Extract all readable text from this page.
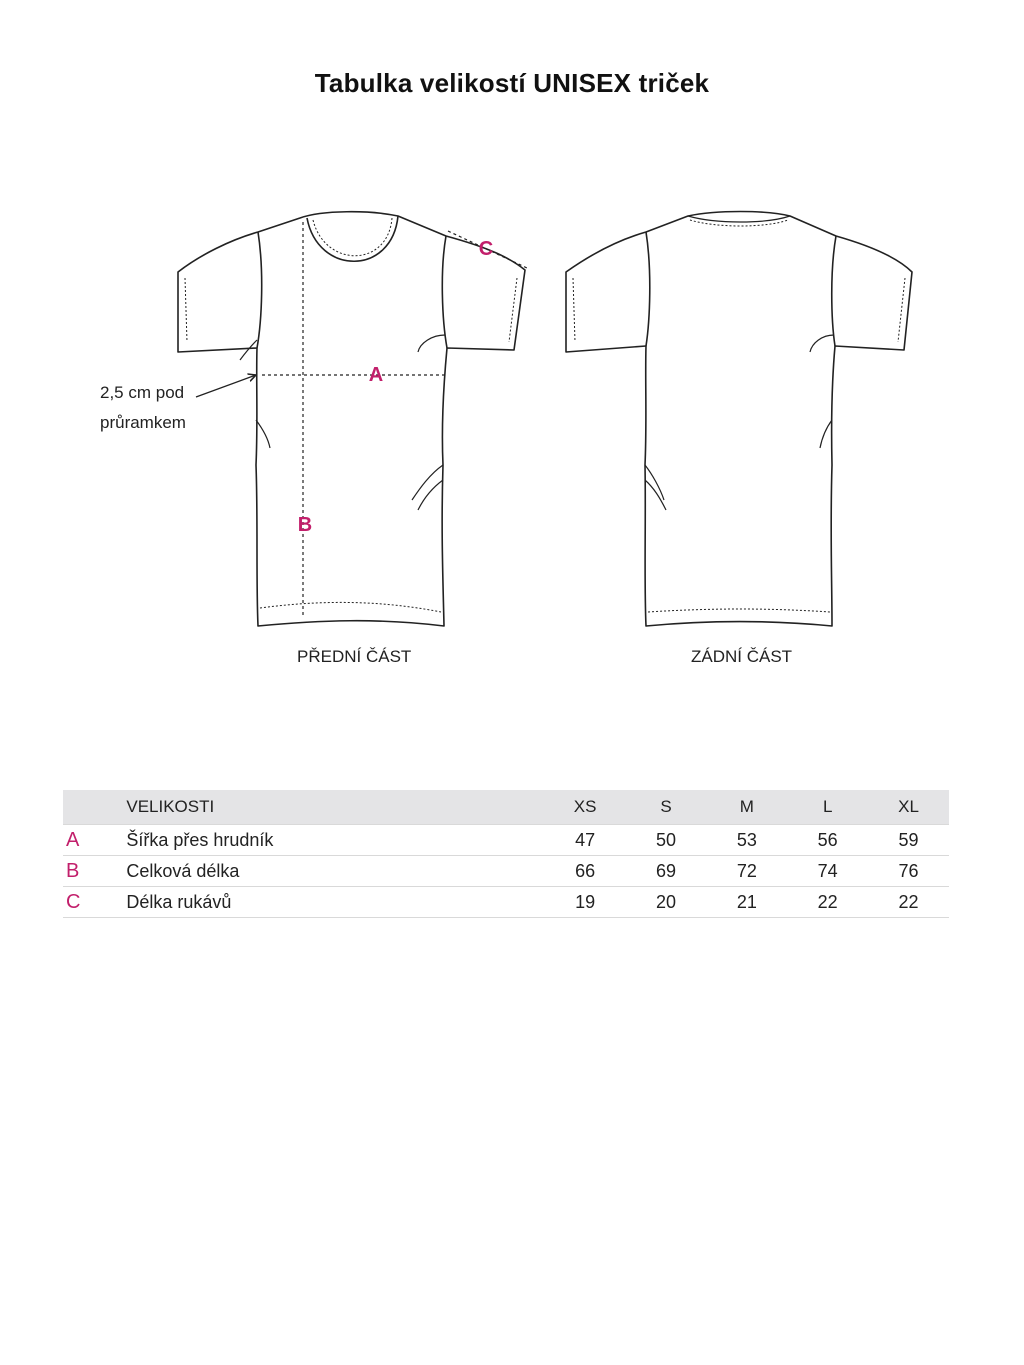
Tabulka velikostí UNISEX triček
A
B
C
2,5 cm pod
průramkem
PŘEDNÍ ČÁST	ZÁDNÍ ČÁST
	VELIKOSTI	XS	S	M	L	XL
A	Šířka přes hrudník	47	50	53	56	59
B	Celková délka	66	69	72	74	76
C	Délka rukávů	19	20	21	22	22
